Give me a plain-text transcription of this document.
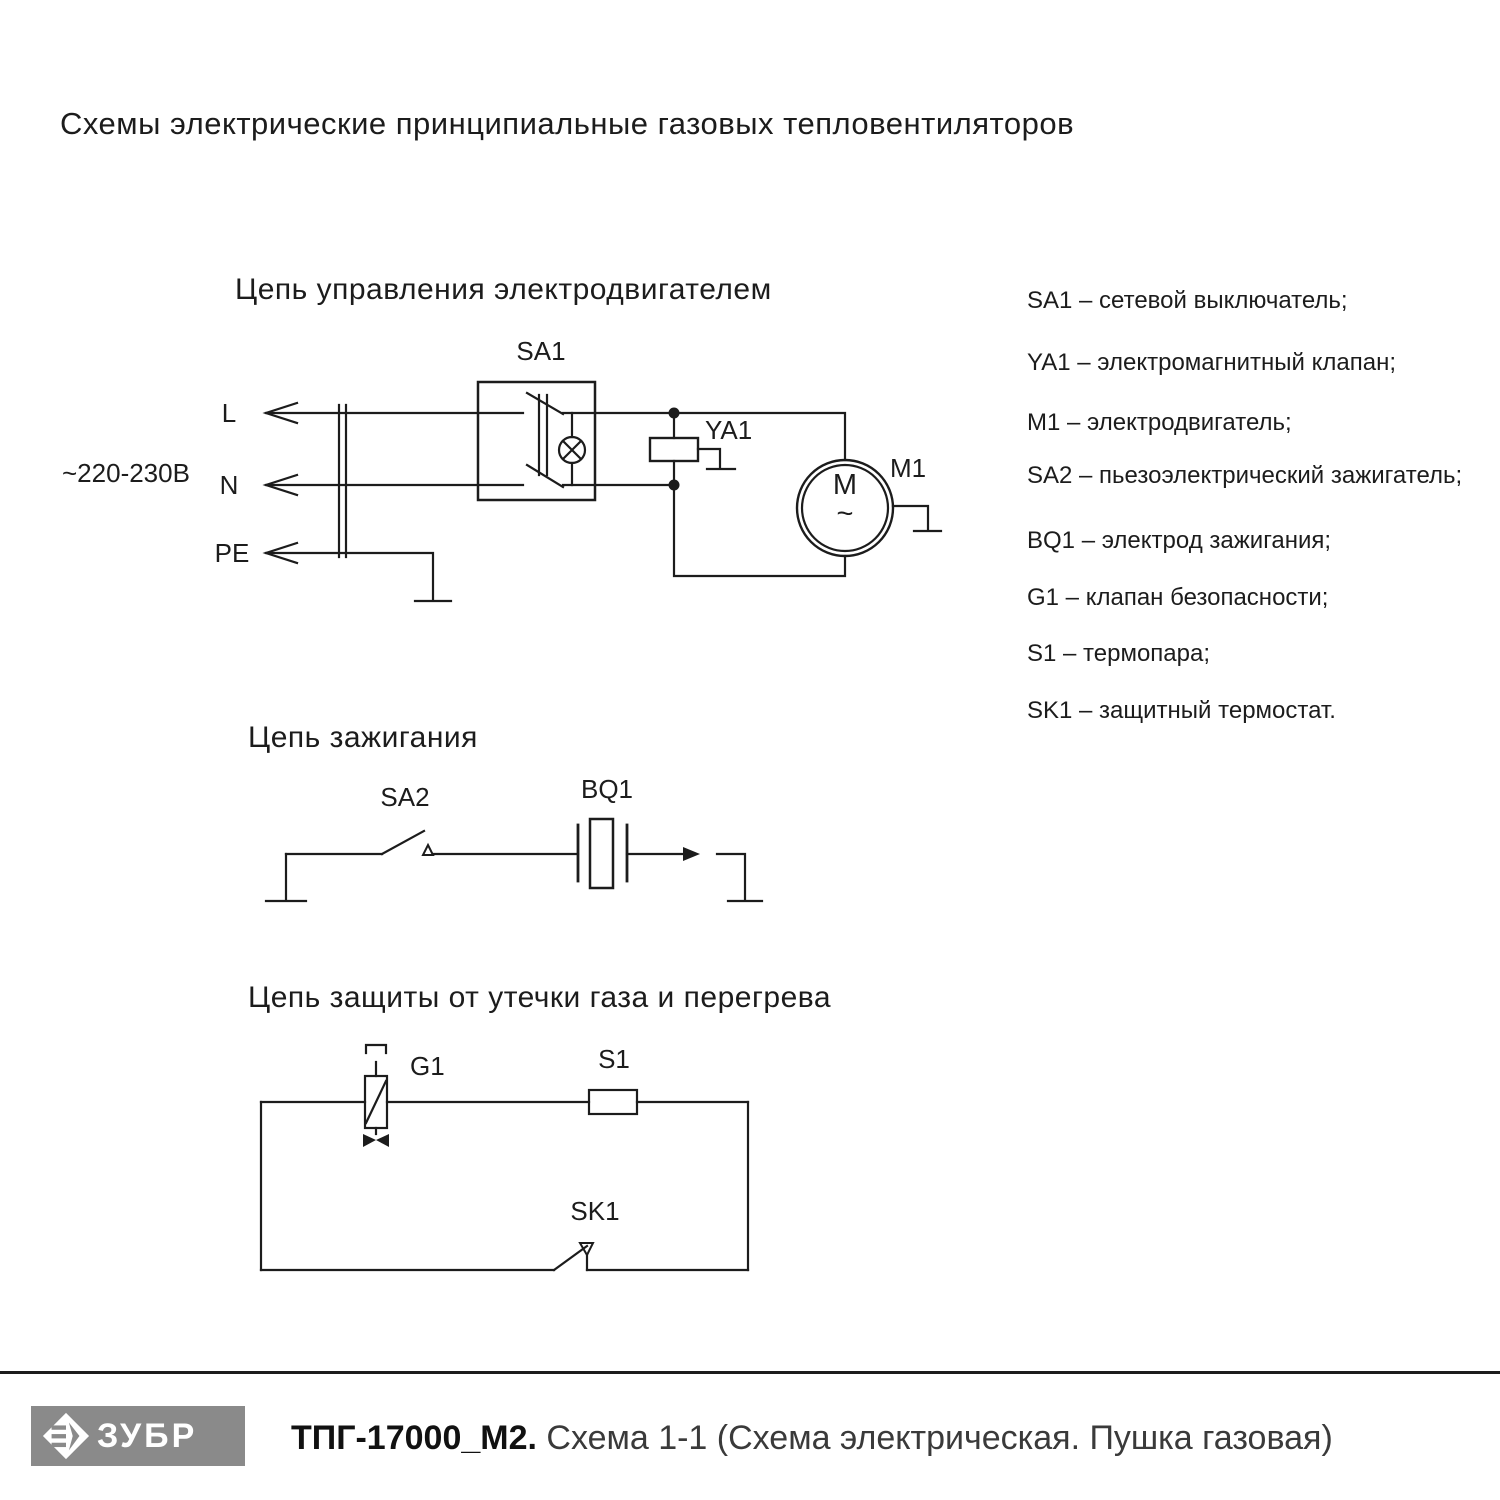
Схемы электрические принципиальные газовых тепловентиляторов
Цепь управления электродвигателем
SA1
~220-230В
L
N
PE
YA1
M1
M
~
Цепь зажигания
SA2	BQ1
Цепь защиты от утечки газа и перегрева
G1	S1
SK1
SA1 – сетевой выключатель;
YA1 – электромагнитный клапан;
M1 – электродвигатель;
SA2 – пьезоэлектрический зажигатель;
BQ1 – электрод зажигания;
G1 – клапан безопасности;
S1 – термопара;
SK1 – защитный термостат.
ЗУБР	ТПГ-17000_М2. Схема 1-1 (Схема электрическая. Пушка газовая)
